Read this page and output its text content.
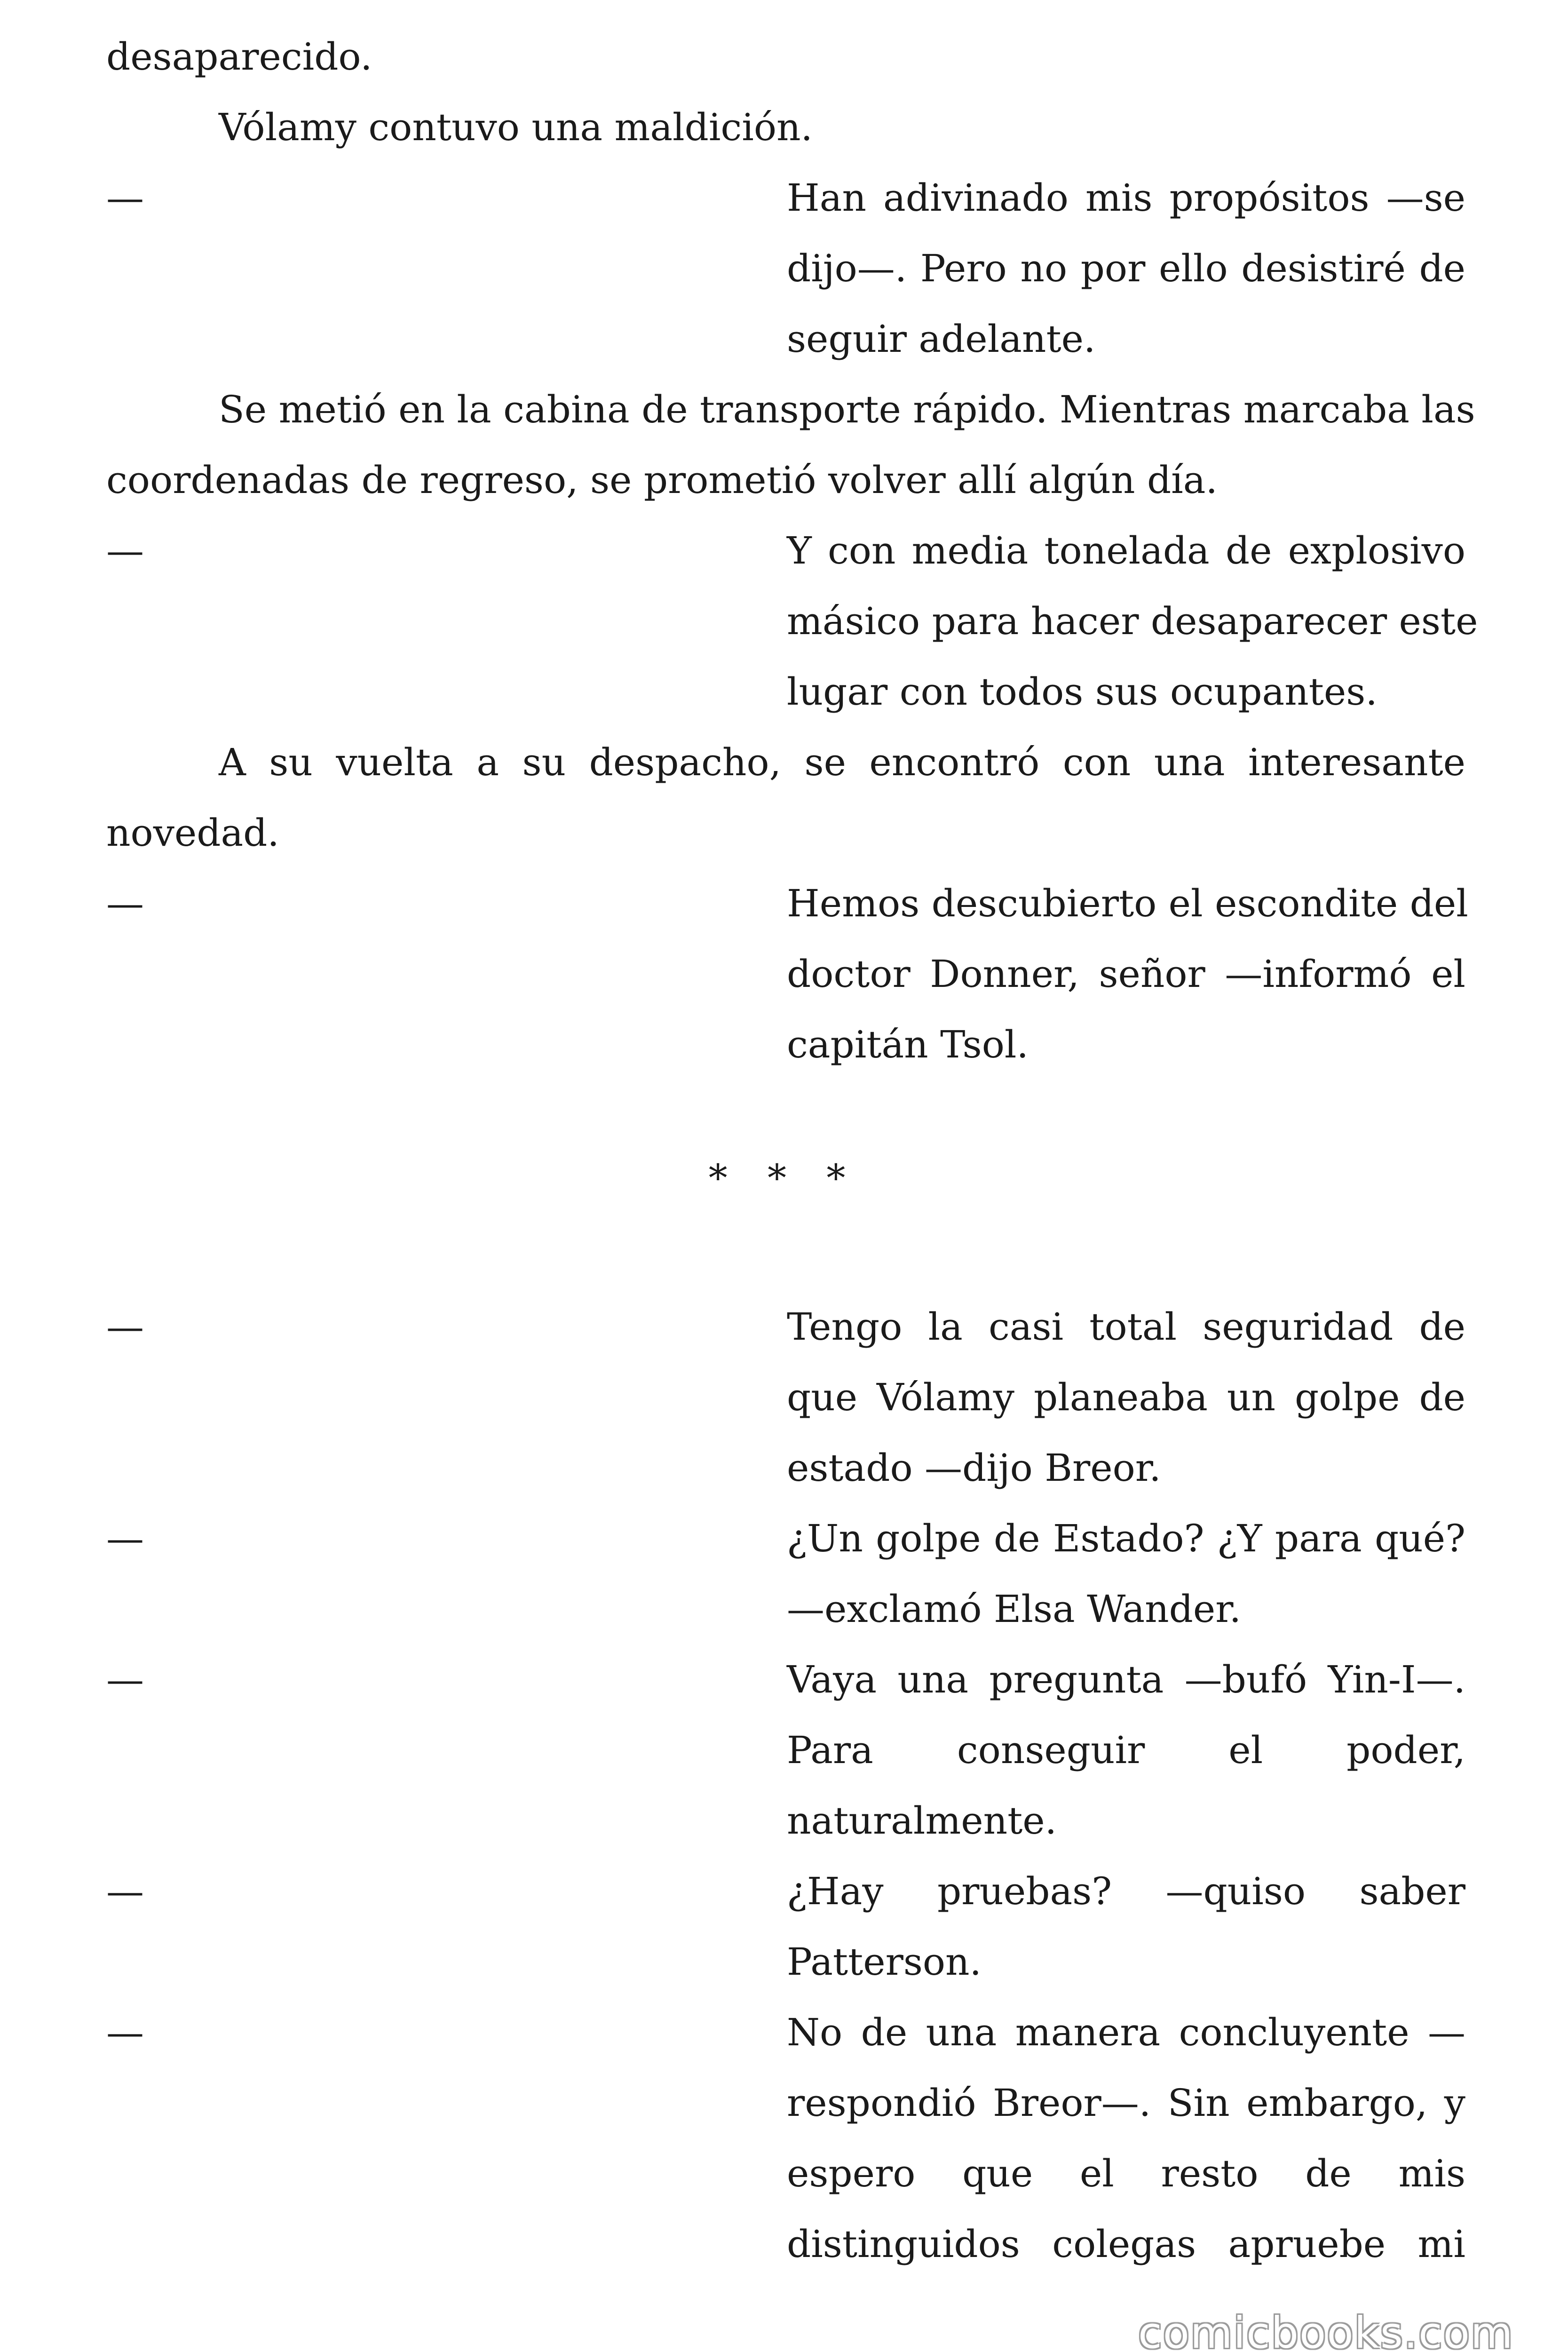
desaparecido.
Vólamy contuvo una maldición.
—	Han adivinado mis propósitos —se
dijo—. Pero no por ello desistiré de
seguir adelante.
Se metió en la cabina de transporte rápido. Mientras marcaba las
coordenadas de regreso, se prometió volver allí algún día.
—	Y con media tonelada de explosivo
másico para hacer desaparecer este
lugar con todos sus ocupantes.
A su vuelta a su despacho, se encontró con una interesante
novedad.
—	Hemos descubierto el escondite del
doctor Donner, señor —informó el
capitán Tsol.
* * *
—	Tengo la casi total seguridad de
que Vólamy planeaba un golpe de
estado —dijo Breor.
—	¿Un golpe de Estado? ¿Y para qué?
—exclamó Elsa Wander.
—	Vaya una pregunta —bufó Yin-I—.
Para conseguir el poder,
naturalmente.
—	¿Hay pruebas? —quiso saber
Patterson.
—	No de una manera concluyente —
respondió Breor—. Sin embargo, y
espero que el resto de mis
distinguidos colegas apruebe mi
comicbooks.com
